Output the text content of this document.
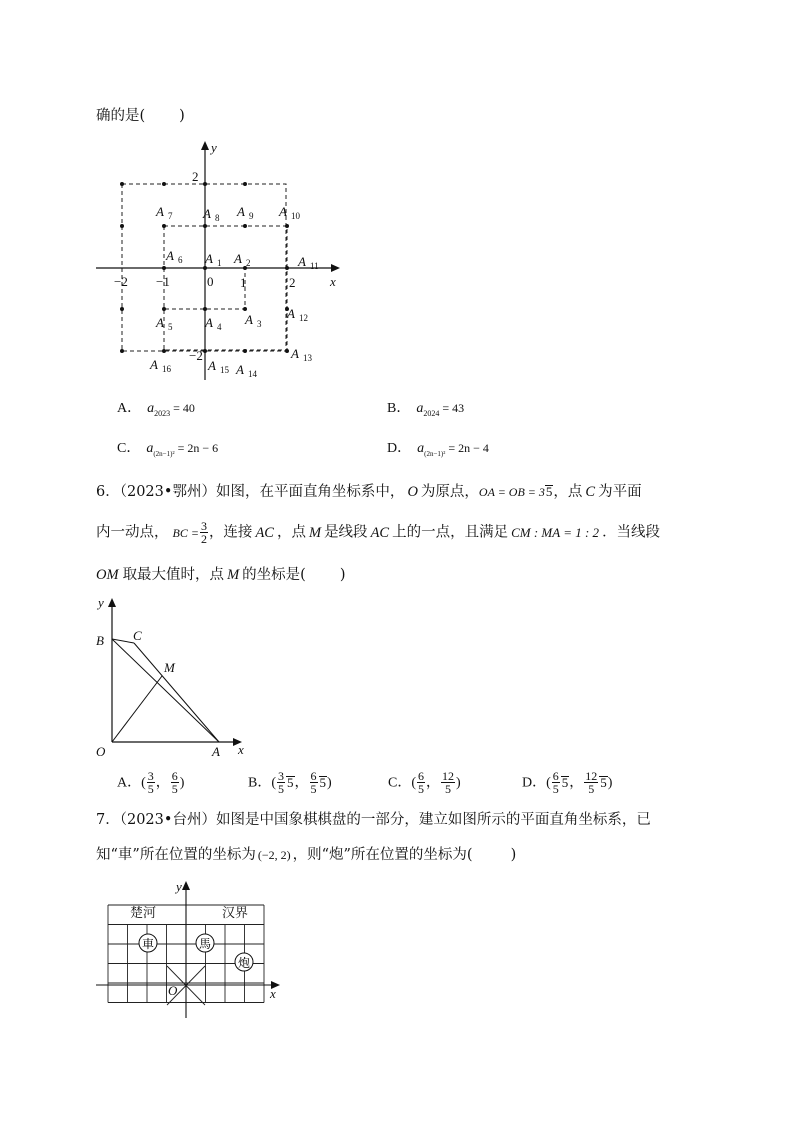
确的是( )
y
x
2
−2 −1	0 1	2
−2
A $_1$ A $_2$
A $_3$
A $_4$
A $_5$
A $_6$
A $_7$ A $_8$ A $_9$ A $_{10}$
A $_{11}$
A $_{12}$
A $_{13}$
A $_{14}$
A $_{15}$
A $_{16}$
A． $a_{2023} = 40$	B． $a_{2024} = 43$
C． $a_{(2n-1)^2} = 2n - 6$	D． $a_{(2n-1)^2} = 2n - 4$
6．（2023•鄂州）如图，在平面直角坐标系中， O 为原点，OA = OB = 35，点 C 为平面
内一动点， BC = $\frac{3}{2}$ ，连接 AC ，点 M 是线段 AC 上的一点，且满足 CM : MA = 1 : 2 ．当线段
OM 取最大值时，点 M 的坐标是( )
y
x
B C
M
O	A
A．( $\frac{3}{5}$ ， $\frac{6}{5}$ )	B．( $\frac{3}{5} 5$， $\frac{6}{5} 5$)	C．( $\frac{6}{5}$ ， $\frac{12}{5}$ )	D．( $\frac{6}{5} 5$， $\frac{12}{5} 5$)
7．（2023•台州）如图是中国象棋棋盘的一部分，建立如图所示的平面直角坐标系，已
知“車”所在位置的坐标为 (−2, 2) ，则“炮”所在位置的坐标为(	)
楚河	汉界
車	馬
炮
y
x
O
